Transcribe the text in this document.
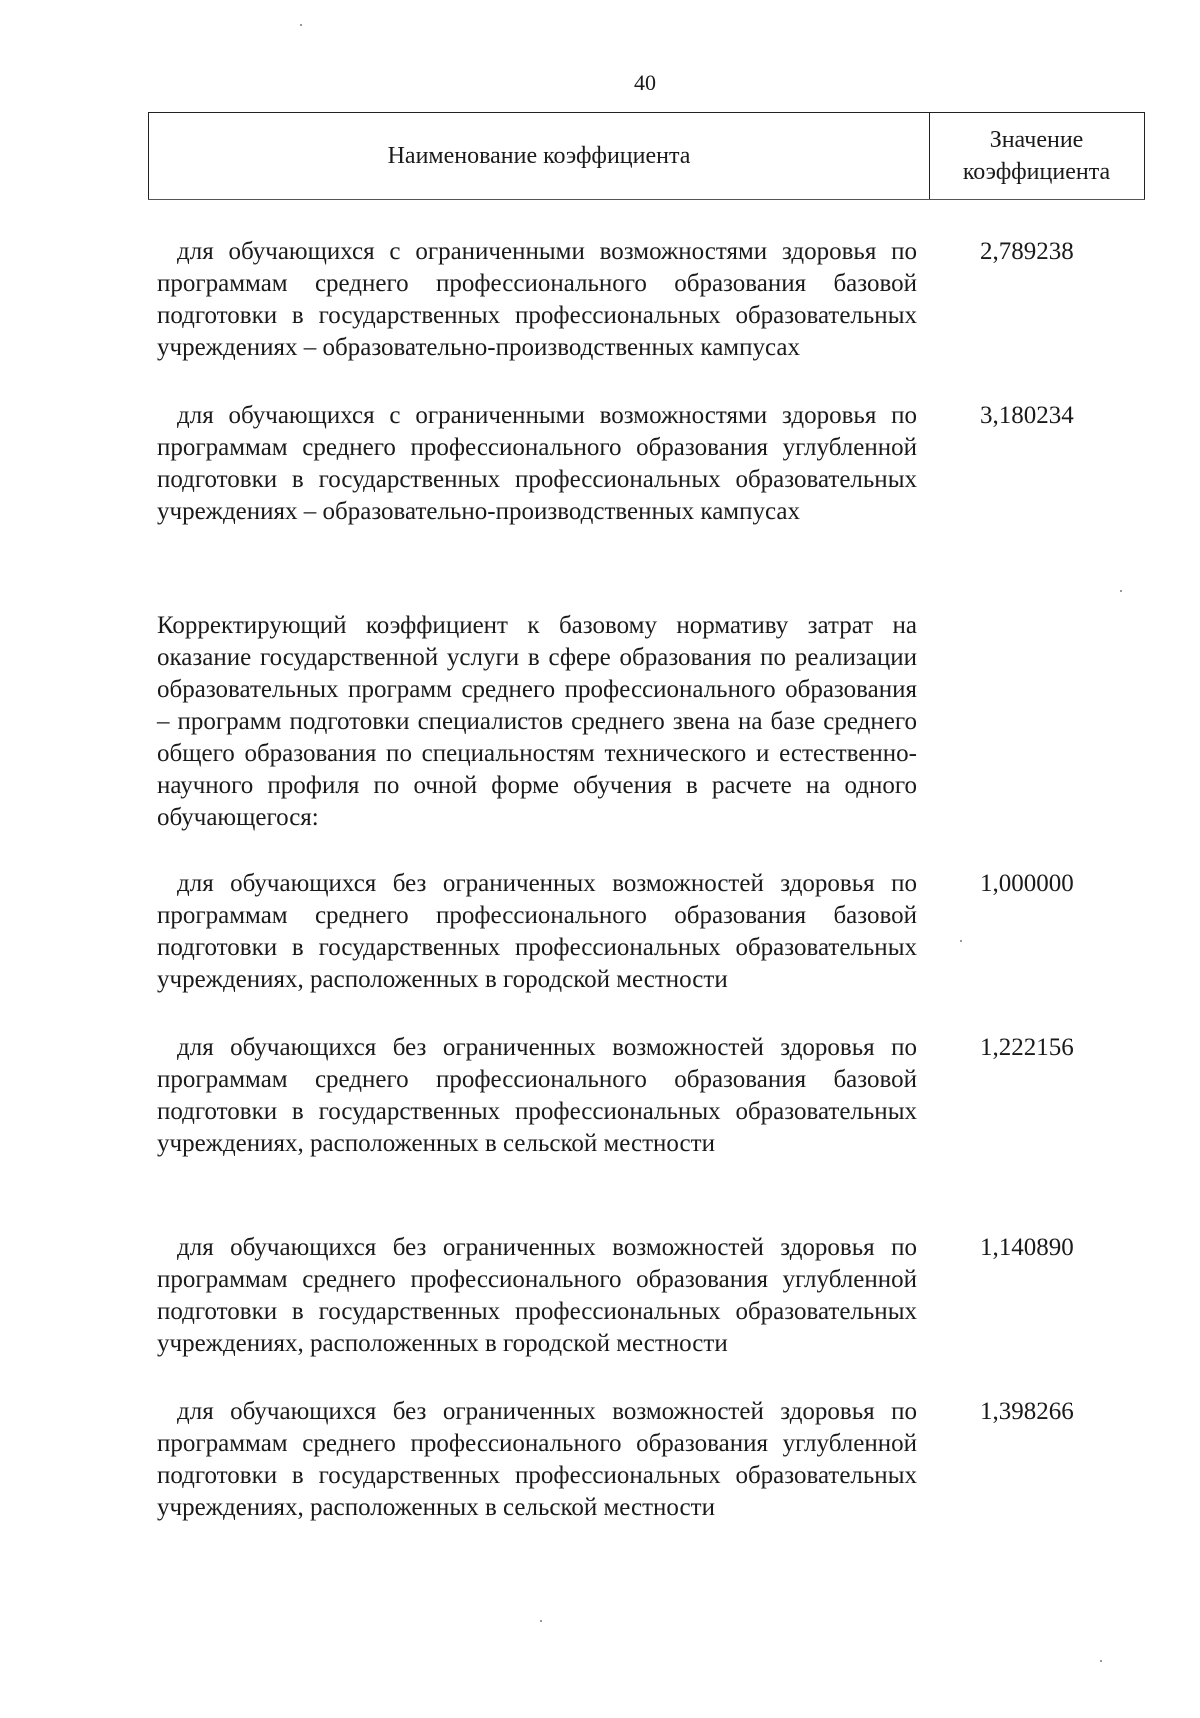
40
Наименование коэффициента
Значение коэффициента
для обучающихся с ограниченными возможностями здоровья по программам среднего профессионального образования базовой подготовки в государственных профессиональных образовательных учреждениях – образовательно-производственных кампусах
2,789238
для обучающихся с ограниченными возможностями здоровья по программам среднего профессионального образования углубленной подготовки в государственных профессиональных образовательных учреждениях – образовательно-производственных кампусах
3,180234
Корректирующий коэффициент к базовому нормативу затрат на оказание государственной услуги в сфере образования по реализации образовательных программ среднего профессионального образования – программ подготовки специалистов среднего звена на базе среднего общего образования по специальностям технического и естественно-научного профиля по очной форме обучения в расчете на одного обучающегося:
для обучающихся без ограниченных возможностей здоровья по программам среднего профессионального образования базовой подготовки в государственных профессиональных образовательных учреждениях, расположенных в городской местности
1,000000
для обучающихся без ограниченных возможностей здоровья по программам среднего профессионального образования базовой подготовки в государственных профессиональных образовательных учреждениях, расположенных в сельской местности
1,222156
для обучающихся без ограниченных возможностей здоровья по программам среднего профессионального образования углубленной подготовки в государственных профессиональных образовательных учреждениях, расположенных в городской местности
1,140890
для обучающихся без ограниченных возможностей здоровья по программам среднего профессионального образования углубленной подготовки в государственных профессиональных образовательных учреждениях, расположенных в сельской местности
1,398266
